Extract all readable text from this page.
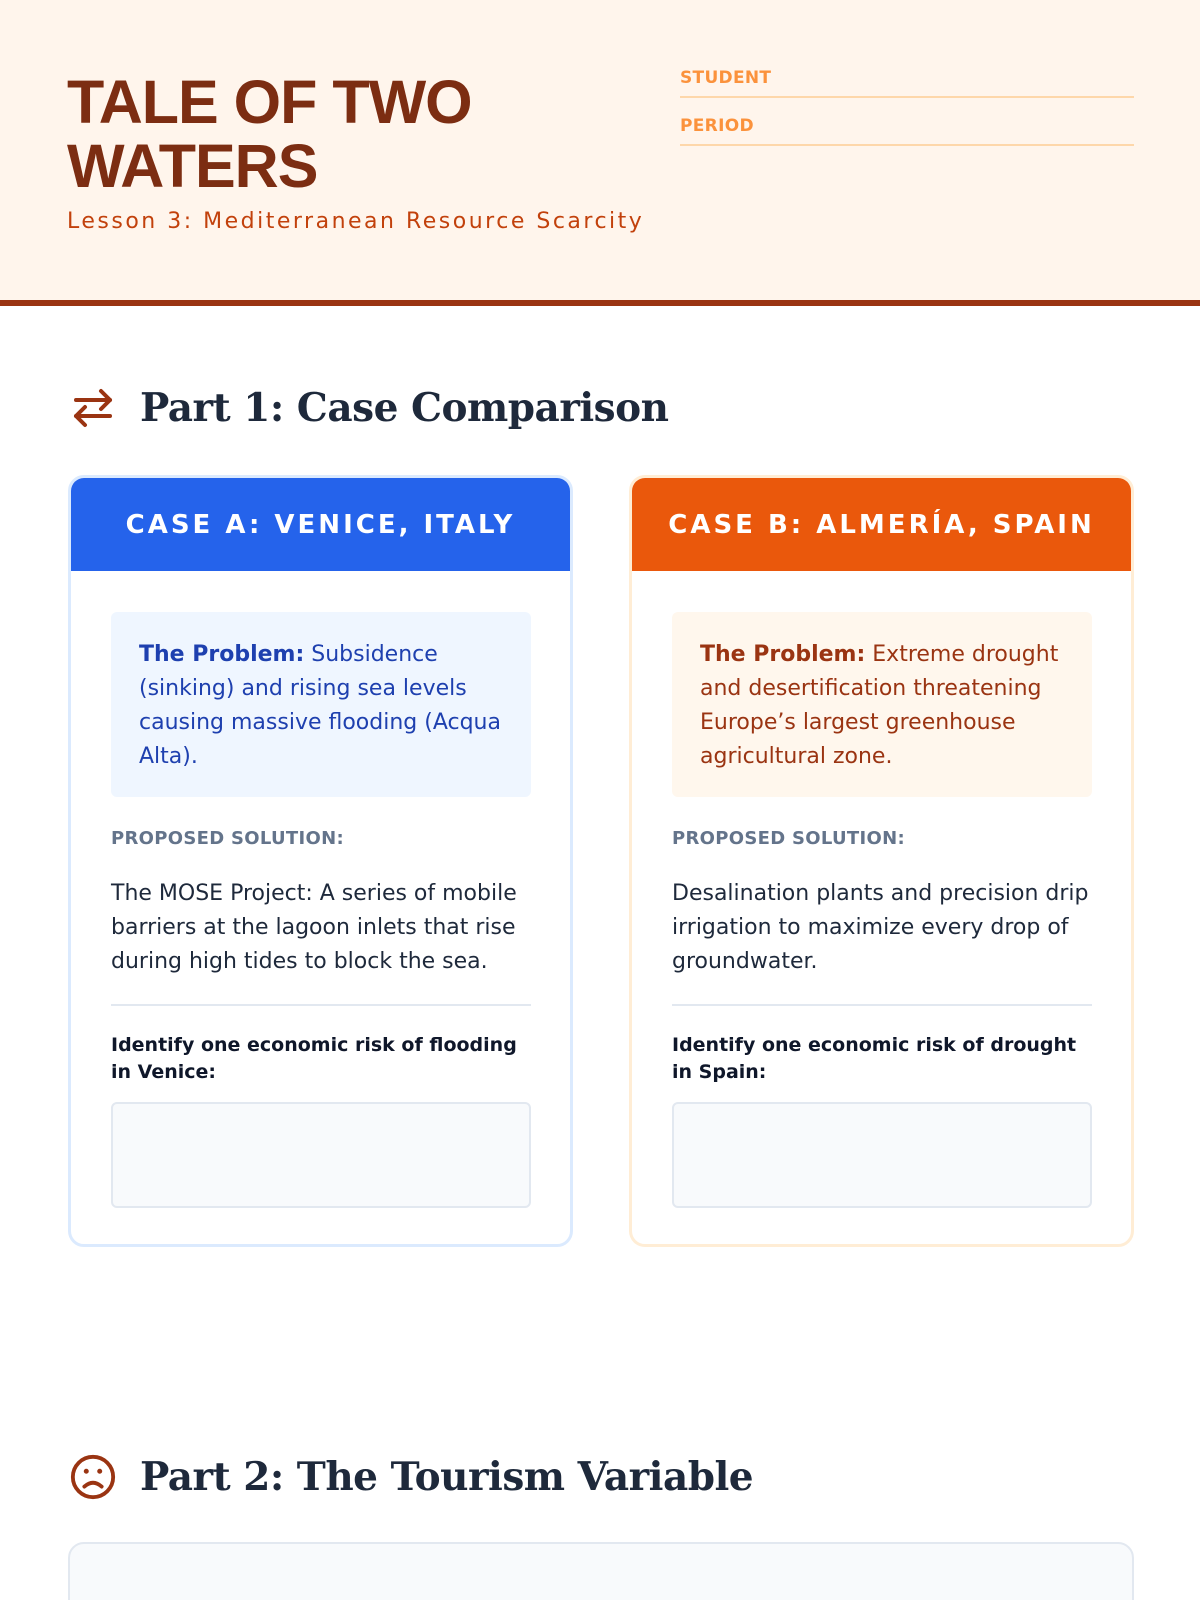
TALE OF TWO WATERS
Lesson 3: Mediterranean Resource Scarcity
STUDENT
PERIOD
Part 1: Case Comparison
CASE A: VENICE, ITALY
The Problem: Subsidence (sinking) and rising sea levels causing massive flooding (Acqua Alta).
PROPOSED SOLUTION:
The MOSE Project: A series of mobile barriers at the lagoon inlets that rise during high tides to block the sea.
Identify one economic risk of flooding in Venice:
CASE B: ALMERÍA, SPAIN
The Problem: Extreme drought and desertification threatening Europe’s largest greenhouse agricultural zone.
PROPOSED SOLUTION:
Desalination plants and precision drip irrigation to maximize every drop of groundwater.
Identify one economic risk of drought in Spain:
Part 2: The Tourism Variable
